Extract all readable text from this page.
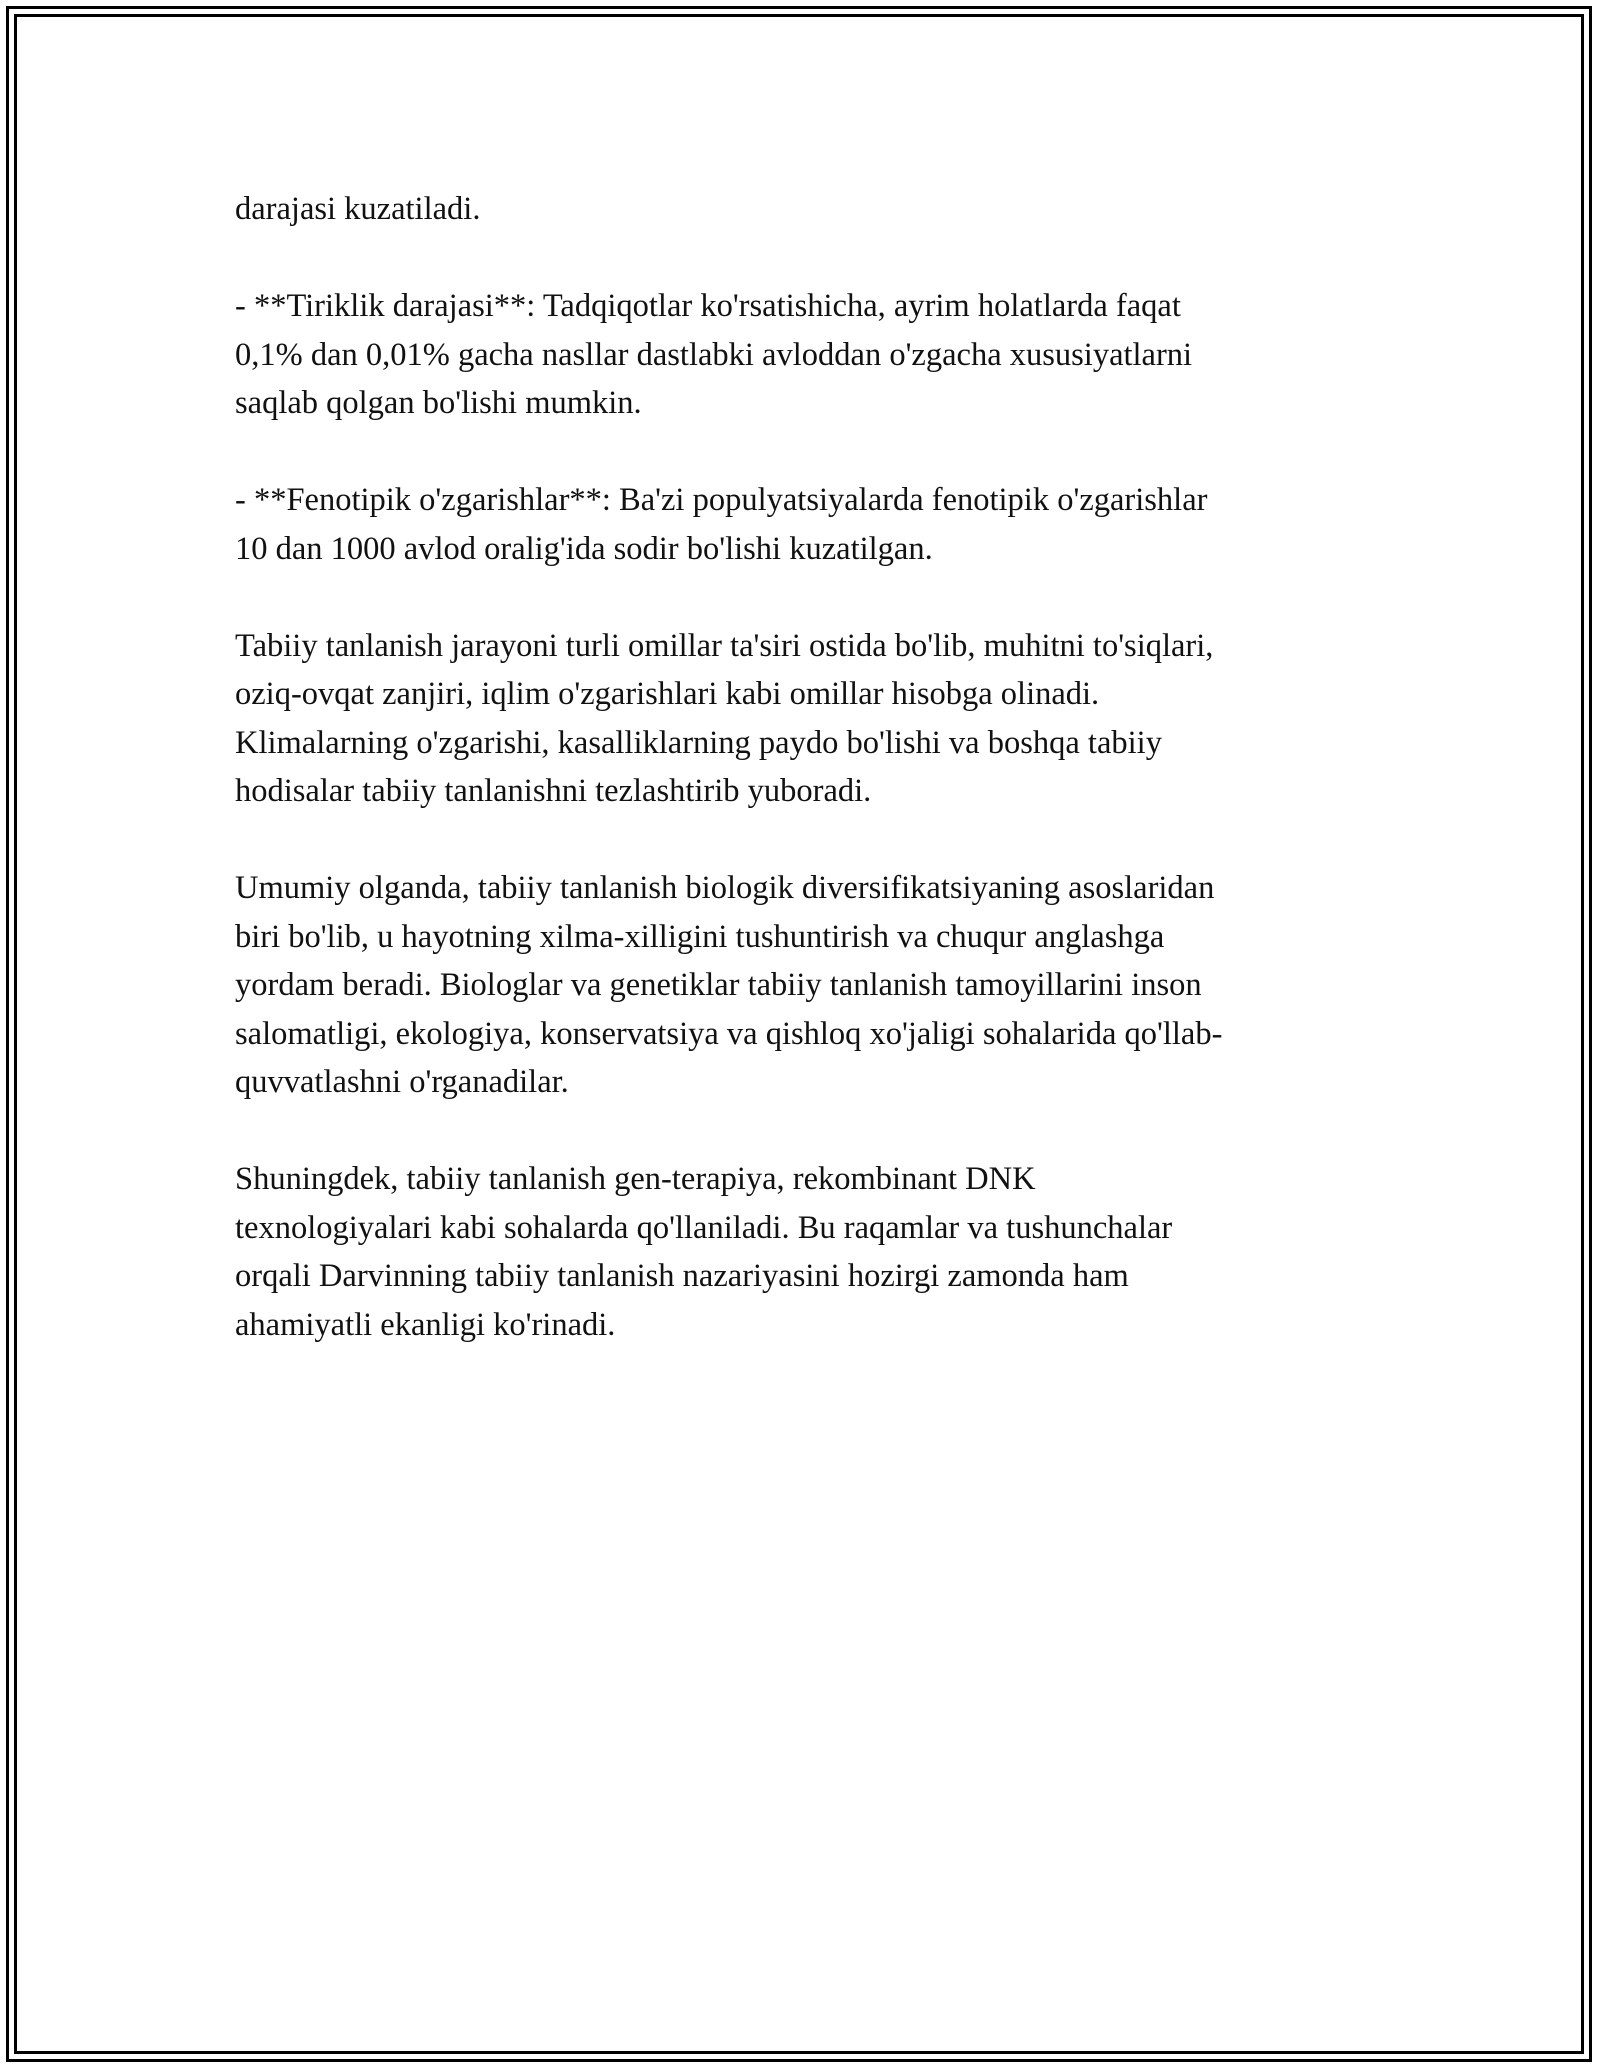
darajasi kuzatiladi.

- **Tiriklik darajasi**: Tadqiqotlar ko'rsatishicha, ayrim holatlarda faqat
0,1% dan 0,01% gacha nasllar dastlabki avloddan o'zgacha xususiyatlarni
saqlab qolgan bo'lishi mumkin.

- **Fenotipik o'zgarishlar**: Ba'zi populyatsiyalarda fenotipik o'zgarishlar
10 dan 1000 avlod oralig'ida sodir bo'lishi kuzatilgan.

Tabiiy tanlanish jarayoni turli omillar ta'siri ostida bo'lib, muhitni to'siqlari,
oziq-ovqat zanjiri, iqlim o'zgarishlari kabi omillar hisobga olinadi.
Klimalarning o'zgarishi, kasalliklarning paydo bo'lishi va boshqa tabiiy
hodisalar tabiiy tanlanishni tezlashtirib yuboradi.

Umumiy olganda, tabiiy tanlanish biologik diversifikatsiyaning asoslaridan
biri bo'lib, u hayotning xilma-xilligini tushuntirish va chuqur anglashga
yordam beradi. Biologlar va genetiklar tabiiy tanlanish tamoyillarini inson
salomatligi, ekologiya, konservatsiya va qishloq xo'jaligi sohalarida qo'llab-
quvvatlashni o'rganadilar.

Shuningdek, tabiiy tanlanish gen-terapiya, rekombinant DNK
texnologiyalari kabi sohalarda qo'llaniladi. Bu raqamlar va tushunchalar
orqali Darvinning tabiiy tanlanish nazariyasini hozirgi zamonda ham
ahamiyatli ekanligi ko'rinadi.
